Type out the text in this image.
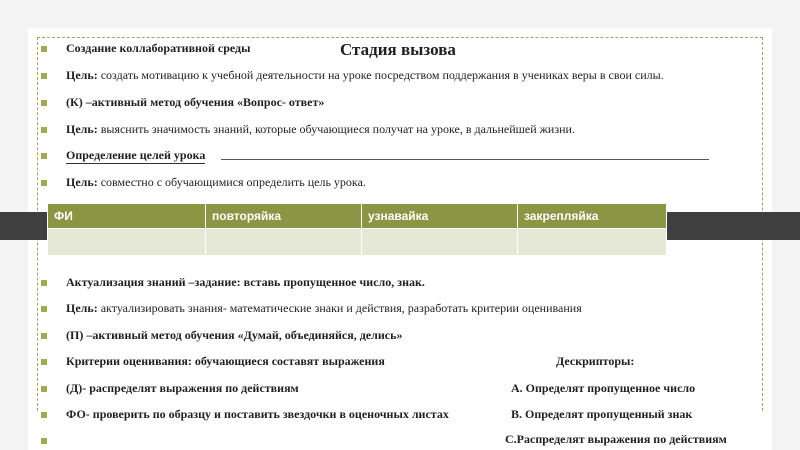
Стадия вызова
Создание коллаборативной среды
Цель: создать мотивацию к учебной деятельности на уроке посредством поддержания в учениках веры в свои силы.
(К) –активный метод обучения «Вопрос- ответ»
Цель: выяснить значимость знаний, которые обучающиеся получат на уроке, в дальнейшей жизни.
Определение целей урока
Цель: совместно с обучающимися определить цель урока.
ФИ	повторяйка	узнавайка	закрепляйка

Актуализация знаний –задание: вставь пропущенное число, знак.
Цель: актуализировать знания- математические знаки и действия, разработать критерии оценивания
(П) –активный метод обучения «Думай, объединяйся, делись»
Критерии оценивания: обучающиеся составят выражения
(Д)- распределят выражения по действиям
ФО- проверить по образцу и поставить звездочки в оценочных листах
Дескрипторы:
А. Определят пропущенное число
В. Определят пропущенный знак
С.Распределят выражения по действиям
